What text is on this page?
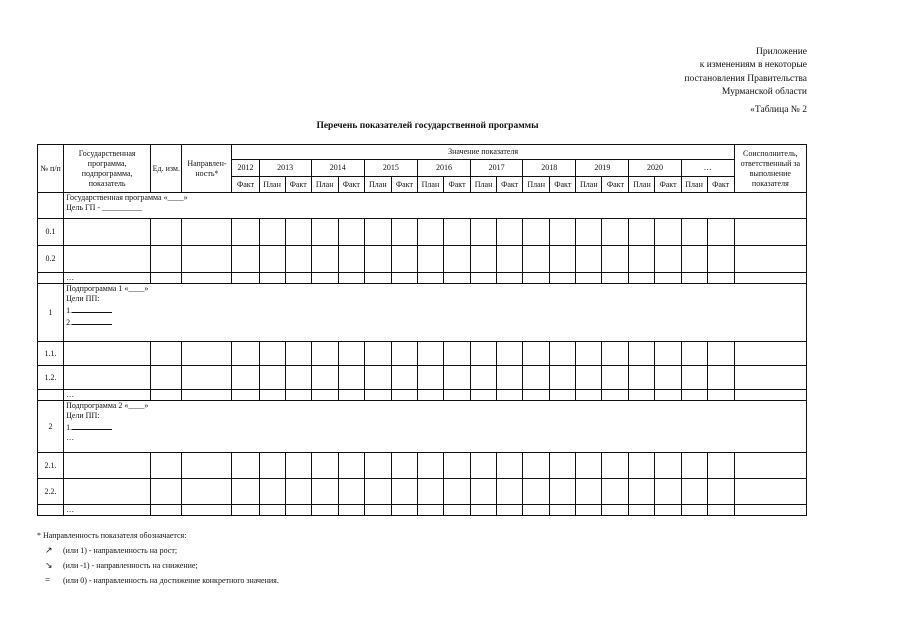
Приложение
к изменениям в некоторые
постановления Правительства
Мурманской области
«Таблица № 2
Перечень показателей государственной программы
№ п/п	Государственная программа, подпрограмма, показатель	Ед. изм.	Направлен-ность*	Значение показателя																			Соисполнитель, ответственный за выполнение показателя
				2012	2013		2014		2015		2016		2017		2018		2019		2020		…		
				Факт	План	Факт	План	Факт	План	Факт	План	Факт	План	Факт	План	Факт	План	Факт	План	Факт	План	Факт	

	Государственная программа «____»
Цель ГП - __________																						

0.1																							
0.2																							
	…																						
1	Подпрограмма 1 «____»
Цели ПП:
1.
2.																						

1.1.																							
1.2.																							
	…																						
2	Подпрограмма 2 «____»
Цели ПП:
1.
…																						

2.1.																							
2.2.																							
	…																						
* Направленность показателя обозначается:
↗	(или 1) - направленность на рост;
↘	(или -1) - направленность на снижение;
=	(или 0) - направленность на достижение конкретного значения.
